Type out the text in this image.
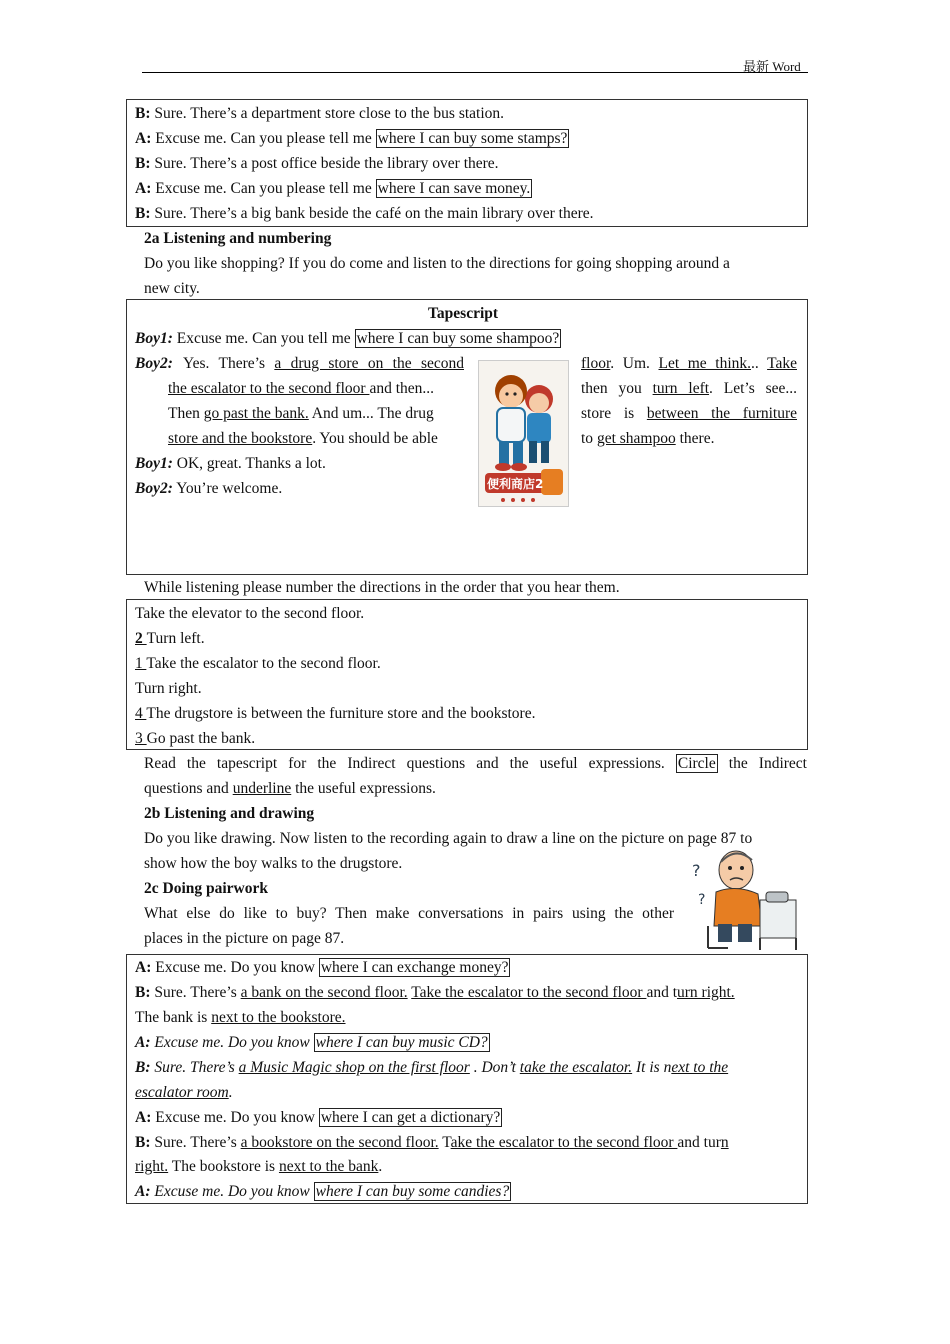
最新 Word
B: Sure. There’s a department store close to the bus station.
A: Excuse me. Can you please tell me where I can buy some stamps?
B: Sure. There’s a post office beside the library over there.
A: Excuse me. Can you please tell me where I can save money.
B: Sure. There’s a big bank beside the café on the main library over there.
2a Listening and numbering
Do you like shopping? If you do come and listen to the directions for going shopping around a
new city.
Tapescript
Boy1: Excuse me. Can you tell me where I can buy some shampoo?
Boy2: Yes. There’s a drug store on the second	floor. Um. Let me think... Take
the escalator to the second floor and then...	then you turn left. Let’s see...
Then go past the bank. And um... The drug	store is between the furniture
store and the bookstore. You should be able	to get shampoo there.
Boy1: OK, great. Thanks a lot.
Boy2: You’re welcome.	便利商店2
While listening please number the directions in the order that you hear them.
Take the elevator to the second floor.
2 Turn left.
1 Take the escalator to the second floor.
Turn right.
4 The drugstore is between the furniture store and the bookstore.
3 Go past the bank.
Read the tapescript for the Indirect questions and the useful expressions. Circle the Indirect
questions and underline the useful expressions.
2b Listening and drawing
Do you like drawing. Now listen to the recording again to draw a line on the picture on page 87 to
show how the boy walks to the drugstore.
2c Doing pairwork
What else do like to buy? Then make conversations in pairs using the other
places in the picture on page 87.
?
?
A: Excuse me. Do you know where I can exchange money?
B: Sure. There’s a bank on the second floor. Take the escalator to the second floor and turn right.
The bank is next to the bookstore.
A: Excuse me. Do you know where I can buy music CD?
B: Sure. There’s a Music Magic shop on the first floor . Don’t take the escalator. It is next to the
escalator room.
A: Excuse me. Do you know where I can get a dictionary?
B: Sure. There’s a bookstore on the second floor. Take the escalator to the second floor and turn
right. The bookstore is next to the bank.
A: Excuse me. Do you know where I can buy some candies?
